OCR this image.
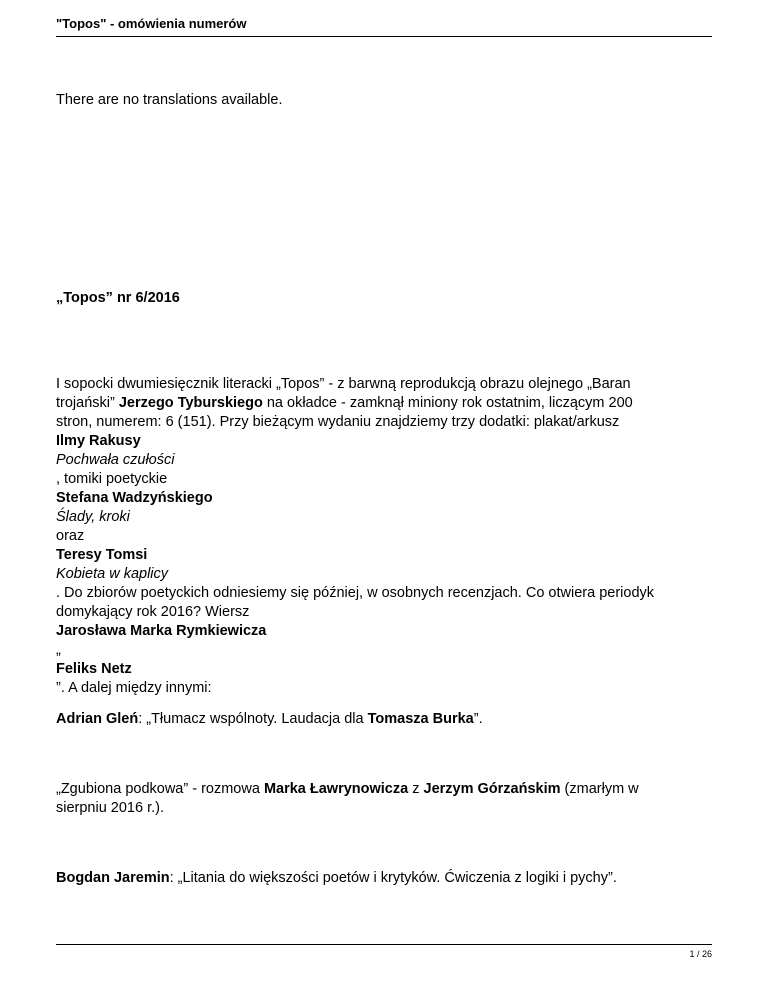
"Topos" - omówienia numerów
There are no translations available.
„Topos” nr 6/2016
I sopocki dwumiesięcznik literacki „Topos” - z barwną reprodukcją obrazu olejnego „Baran
trojański” Jerzego Tyburskiego na okładce - zamknął miniony rok ostatnim, liczącym 200
stron, numerem: 6 (151). Przy bieżącym wydaniu znajdziemy trzy dodatki: plakat/arkusz
Ilmy Rakusy
Pochwała czułości
, tomiki poetyckie
Stefana Wadzyńskiego
Ślady, kroki
oraz
Teresy Tomsi
Kobieta w kaplicy
. Do zbiorów poetyckich odniesiemy się później, w osobnych recenzjach. Co otwiera periodyk
domykający rok 2016? Wiersz
Jarosława Marka Rymkiewicza
„
Feliks Netz
”. A dalej między innymi:
Adrian Gleń: „Tłumacz wspólnoty. Laudacja dla Tomasza Burka”.
„Zgubiona podkowa” - rozmowa Marka Ławrynowicza z Jerzym Górzańskim (zmarłym w
sierpniu 2016 r.).
Bogdan Jaremin: „Litania do większości poetów i krytyków. Ćwiczenia z logiki i pychy”.
1 / 26
